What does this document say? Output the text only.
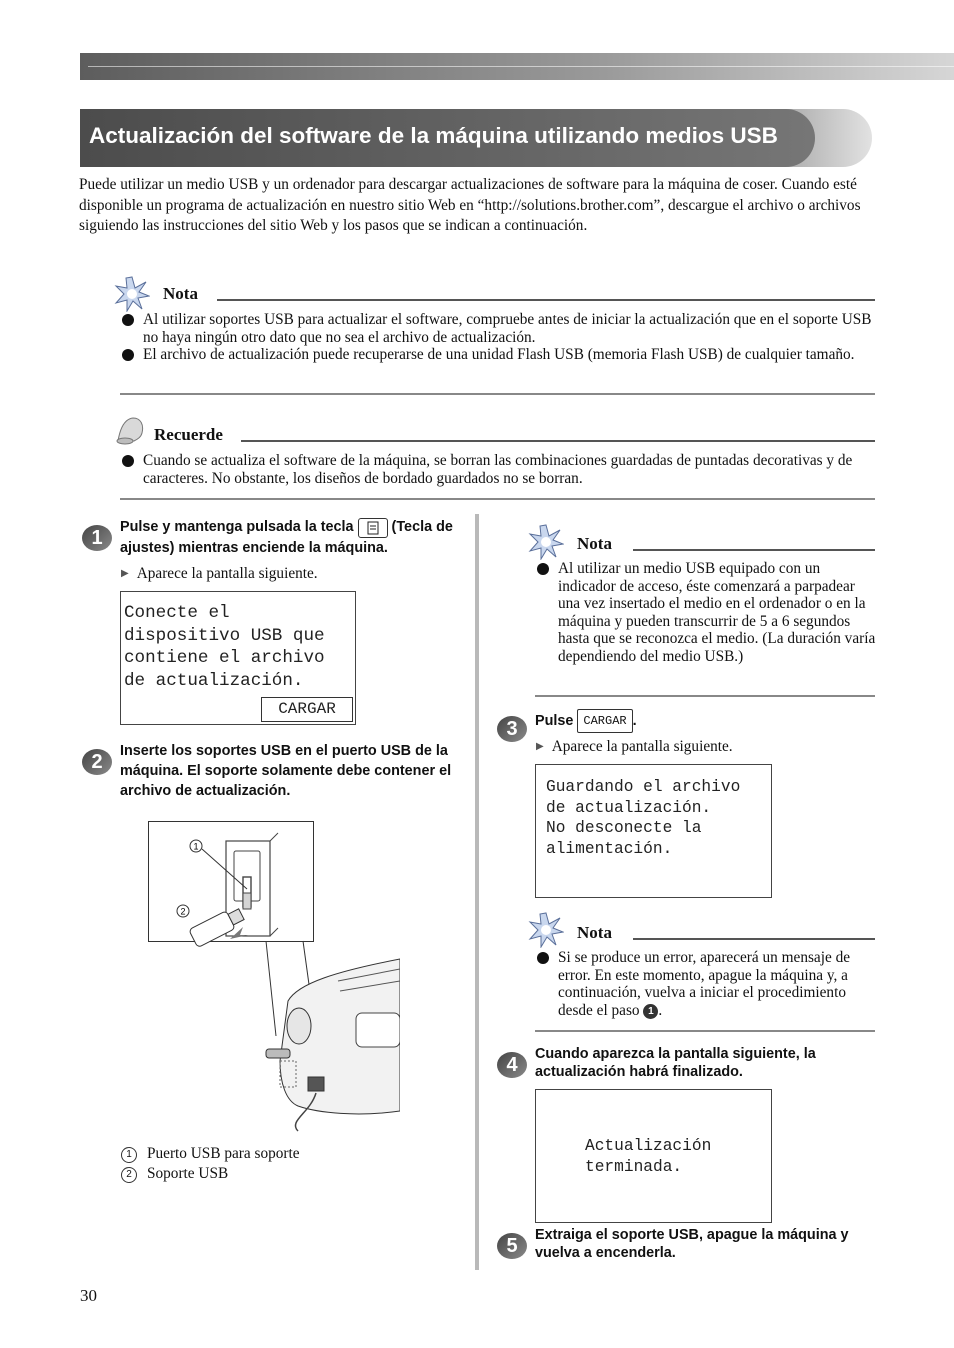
Actualización del software de la máquina utilizando medios USB

Puede utilizar un medio USB y un ordenador para descargar actualizaciones de software para la máquina de coser. Cuando esté disponible un programa de actualización en nuestro sitio Web en “http://solutions.brother.com”, descargue el archivo o archivos siguiendo las instrucciones del sitio Web y los pasos que se indican a continuación.

Nota
Al utilizar soportes USB para actualizar el software, compruebe antes de iniciar la actualización que en el soporte USB no haya ningún otro dato que no sea el archivo de actualización.
El archivo de actualización puede recuperarse de una unidad Flash USB (memoria Flash USB) de cualquier tamaño.
Recuerde
Cuando se actualiza el software de la máquina, se borran las combinaciones guardadas de puntadas decorativas y de caracteres. No obstante, los diseños de bordado guardados no se borran.
1	Pulse y mantenga pulsada la tecla	(Tecla de ajustes) mientras enciende la máquina.

▶ Aparece la pantalla siguiente.
Conecte el
dispositivo USB que
contiene el archivo
de actualización.
CARGAR
2	Inserte los soportes USB en el puerto USB de la máquina. El soporte solamente debe contener el archivo de actualización.

1
2
1 Puerto USB para soporte
2 Soporte USB
Nota
Al utilizar un medio USB equipado con un indicador de acceso, éste comenzará a parpadear una vez insertado el medio en el ordenador o en la máquina y pueden transcurrir de 5 a 6 segundos hasta que se reconozca el medio. (La duración varía dependiendo del medio USB.)
3	Pulse CARGAR .

▶ Aparece la pantalla siguiente.
Guardando el archivo
de actualización.
No desconecte la
alimentación.
Nota
Si se produce un error, aparecerá un mensaje de error. En este momento, apague la máquina y, a continuación, vuelva a iniciar el procedimiento desde el paso 1 .
4	Cuando aparezca la pantalla siguiente, la actualización habrá finalizado.

Actualización
terminada.
5	Extraiga el soporte USB, apague la máquina y vuelva a encenderla.

30
